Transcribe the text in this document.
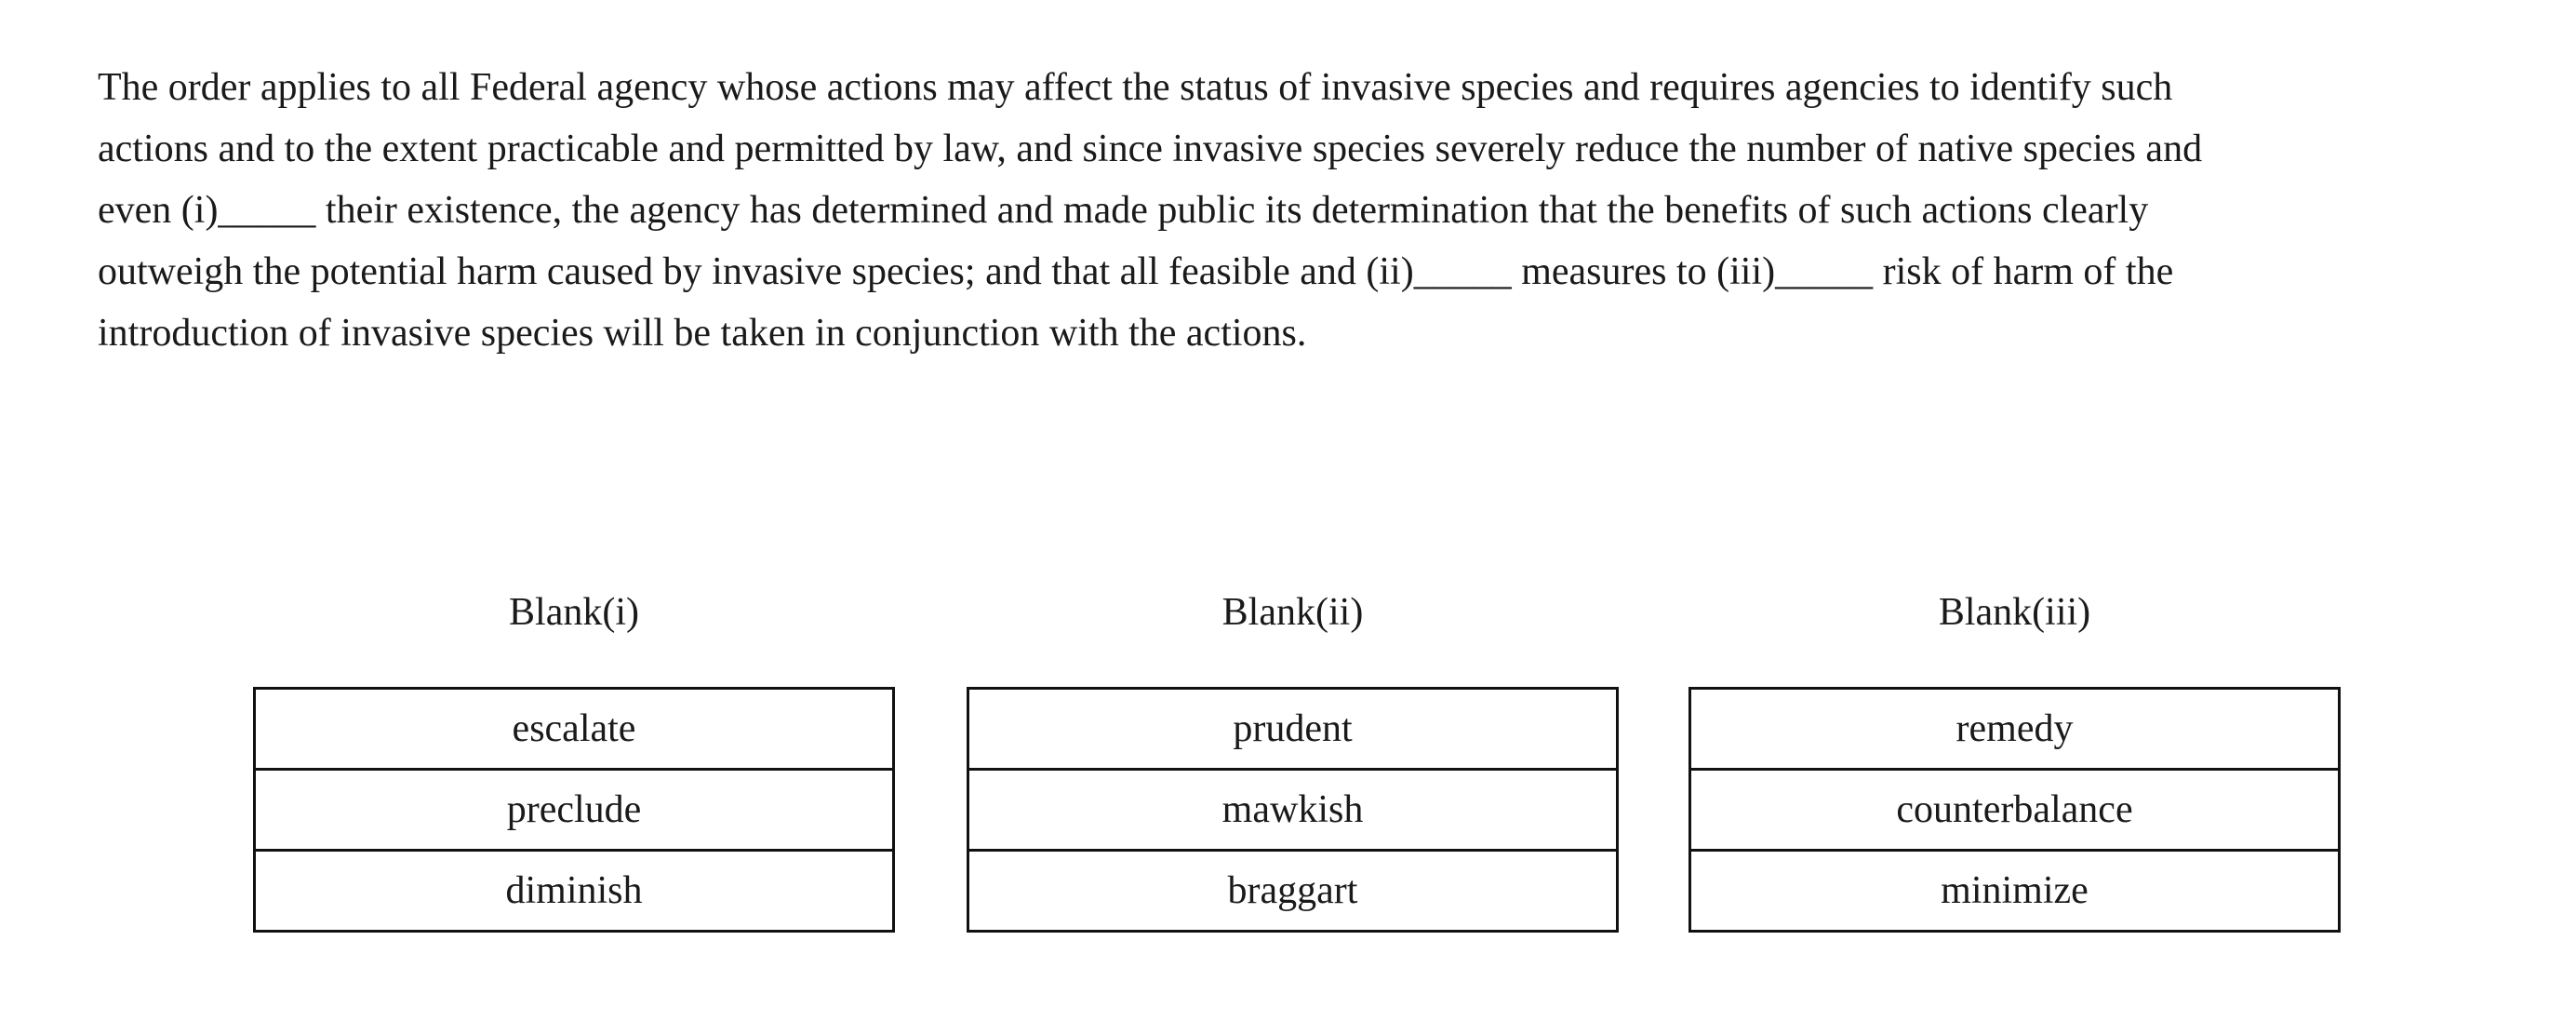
The order applies to all Federal agency whose actions may affect the status of invasive species and requires agencies to identify such
actions and to the extent practicable and permitted by law, and since invasive species severely reduce the number of native species and
even (i)_____ their existence, the agency has determined and made public its determination that the benefits of such actions clearly
outweigh the potential harm caused by invasive species; and that all feasible and (ii)_____ measures to (iii)_____ risk of harm of the
introduction of invasive species will be taken in conjunction with the actions.
Blank(i)	Blank(ii)	Blank(iii)
escalate
preclude
diminish
prudent
mawkish
braggart
remedy
counterbalance
minimize
